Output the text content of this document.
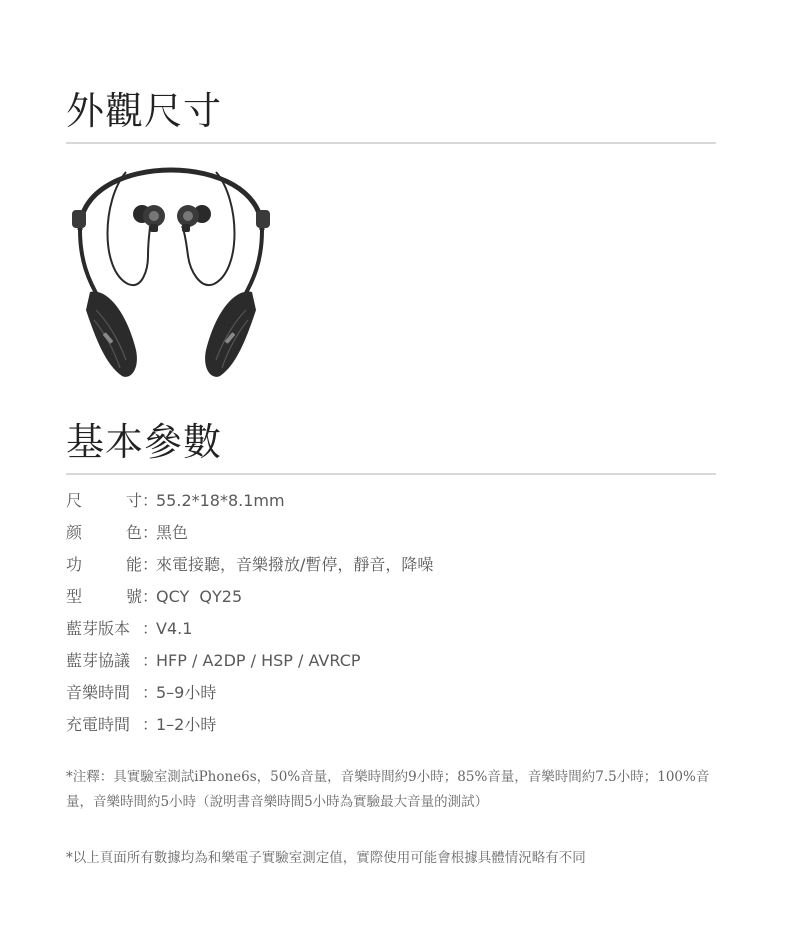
外觀尺寸
基本參數
尺 寸 ：
55.2*18*8.1mm
颜 色 ：
黑色
功 能 ：
來電接聽，音樂撥放/暫停，靜音，降噪
型 號 ：
QCY  QY25
藍芽版本 ：
V4.1
藍芽協議 ：
HFP / A2DP / HSP / AVRCP
音樂時間 ：
5–9小時
充電時間 ：
1–2小時

*注釋：具實驗室測試iPhone6s，50%音量，音樂時間約9小時；85%音量，音樂時間約7.5小時；100%音量，音樂時間約5小時（說明書音樂時間5小時為實驗最大音量的測試）

*以上頁面所有數據均為和樂電子實驗室測定值，實際使用可能會根據具體情況略有不同
